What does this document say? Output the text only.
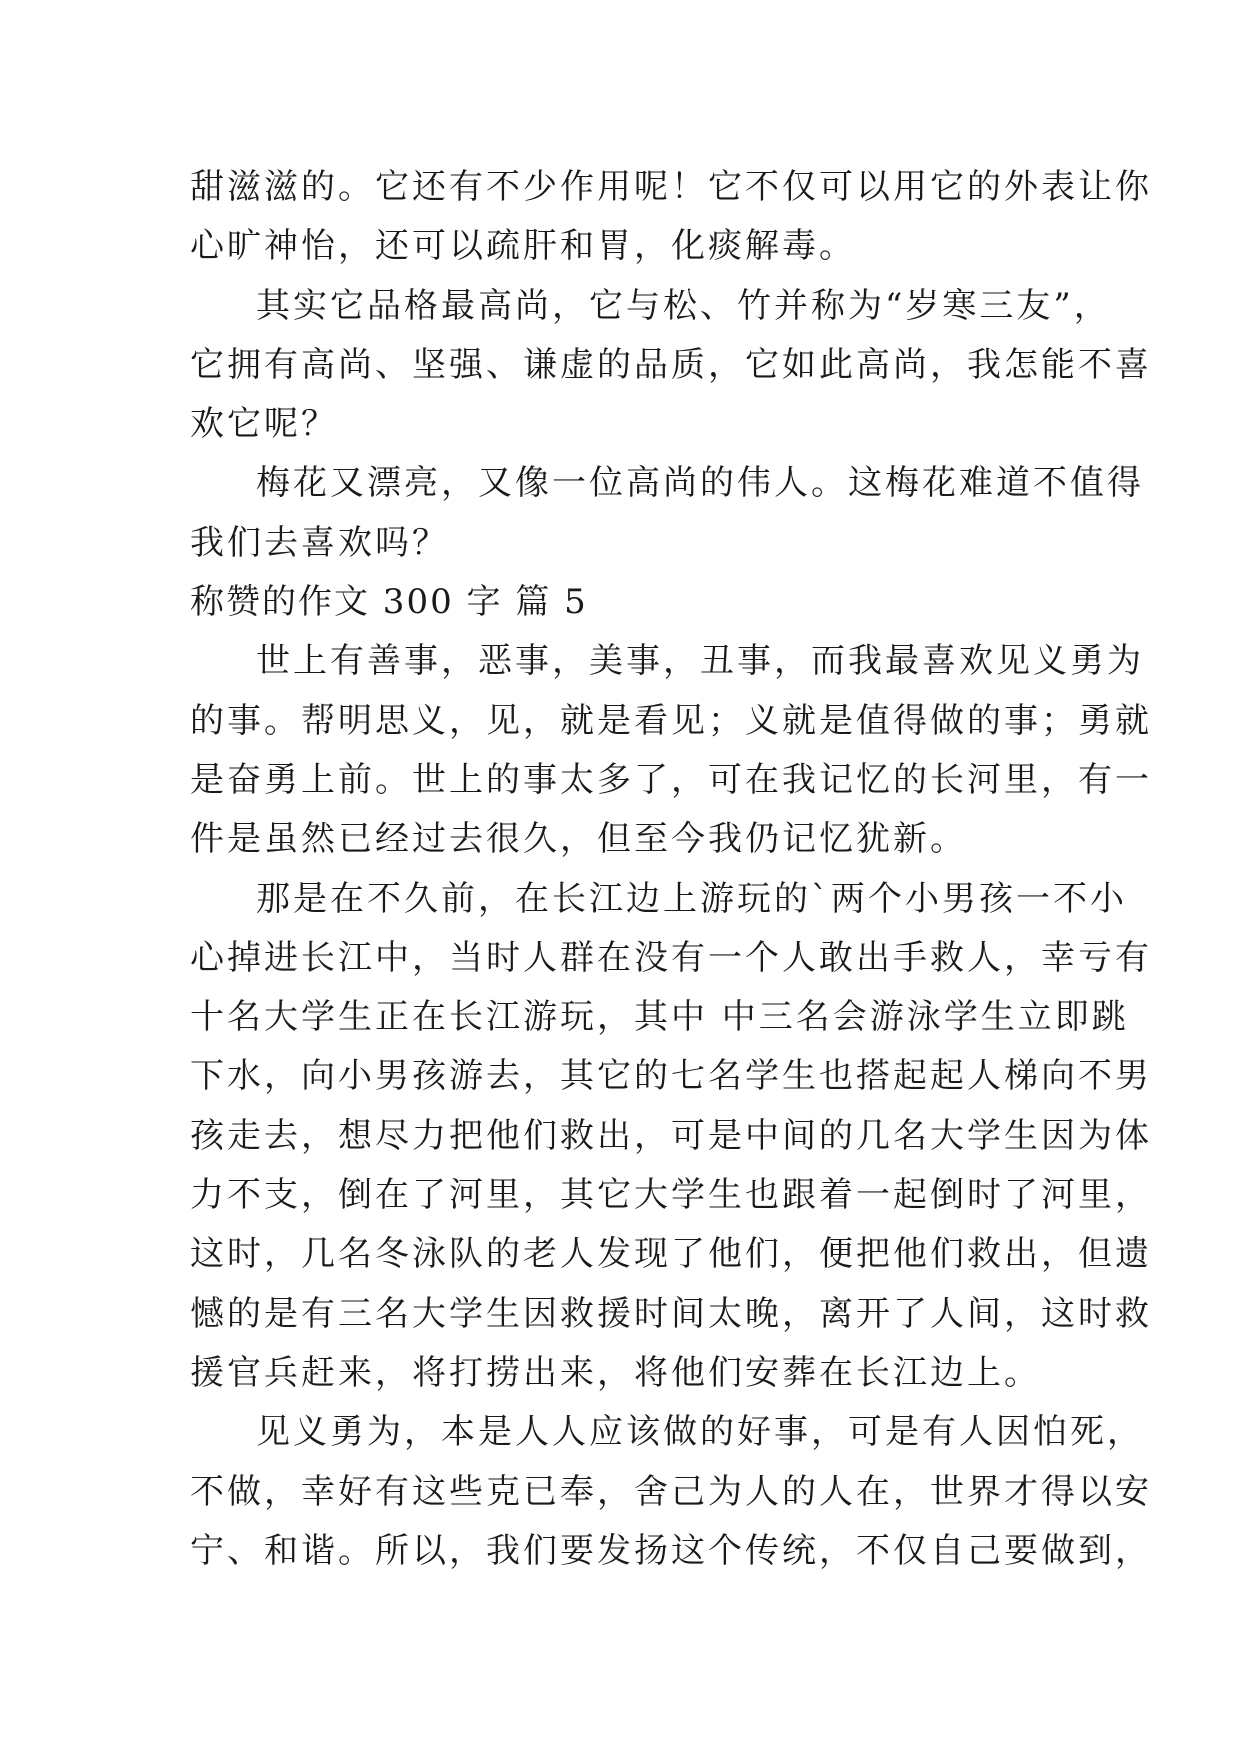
甜滋滋的。它还有不少作用呢！它不仅可以用它的外表让你
心旷神怡，还可以疏肝和胃，化痰解毒。
其实它品格最高尚，它与松、竹并称为“岁寒三友”，
它拥有高尚、坚强、谦虚的品质，它如此高尚，我怎能不喜
欢它呢？
梅花又漂亮，又像一位高尚的伟人。这梅花难道不值得
我们去喜欢吗？
称赞的作文 300 字 篇 5
世上有善事，恶事，美事，丑事，而我最喜欢见义勇为
的事。帮明思义，见，就是看见；义就是值得做的事；勇就
是奋勇上前。世上的事太多了，可在我记忆的长河里，有一
件是虽然已经过去很久，但至今我仍记忆犹新。
那是在不久前，在长江边上游玩的`两个小男孩一不小
心掉进长江中，当时人群在没有一个人敢出手救人，幸亏有
十名大学生正在长江游玩，其中 中三名会游泳学生立即跳
下水，向小男孩游去，其它的七名学生也搭起起人梯向不男
孩走去，想尽力把他们救出，可是中间的几名大学生因为体
力不支，倒在了河里，其它大学生也跟着一起倒时了河里，
这时，几名冬泳队的老人发现了他们，便把他们救出，但遗
憾的是有三名大学生因救援时间太晚，离开了人间，这时救
援官兵赶来，将打捞出来，将他们安葬在长江边上。
见义勇为，本是人人应该做的好事，可是有人因怕死，
不做，幸好有这些克已奉，舍己为人的人在，世界才得以安
宁、和谐。所以，我们要发扬这个传统，不仅自己要做到，
